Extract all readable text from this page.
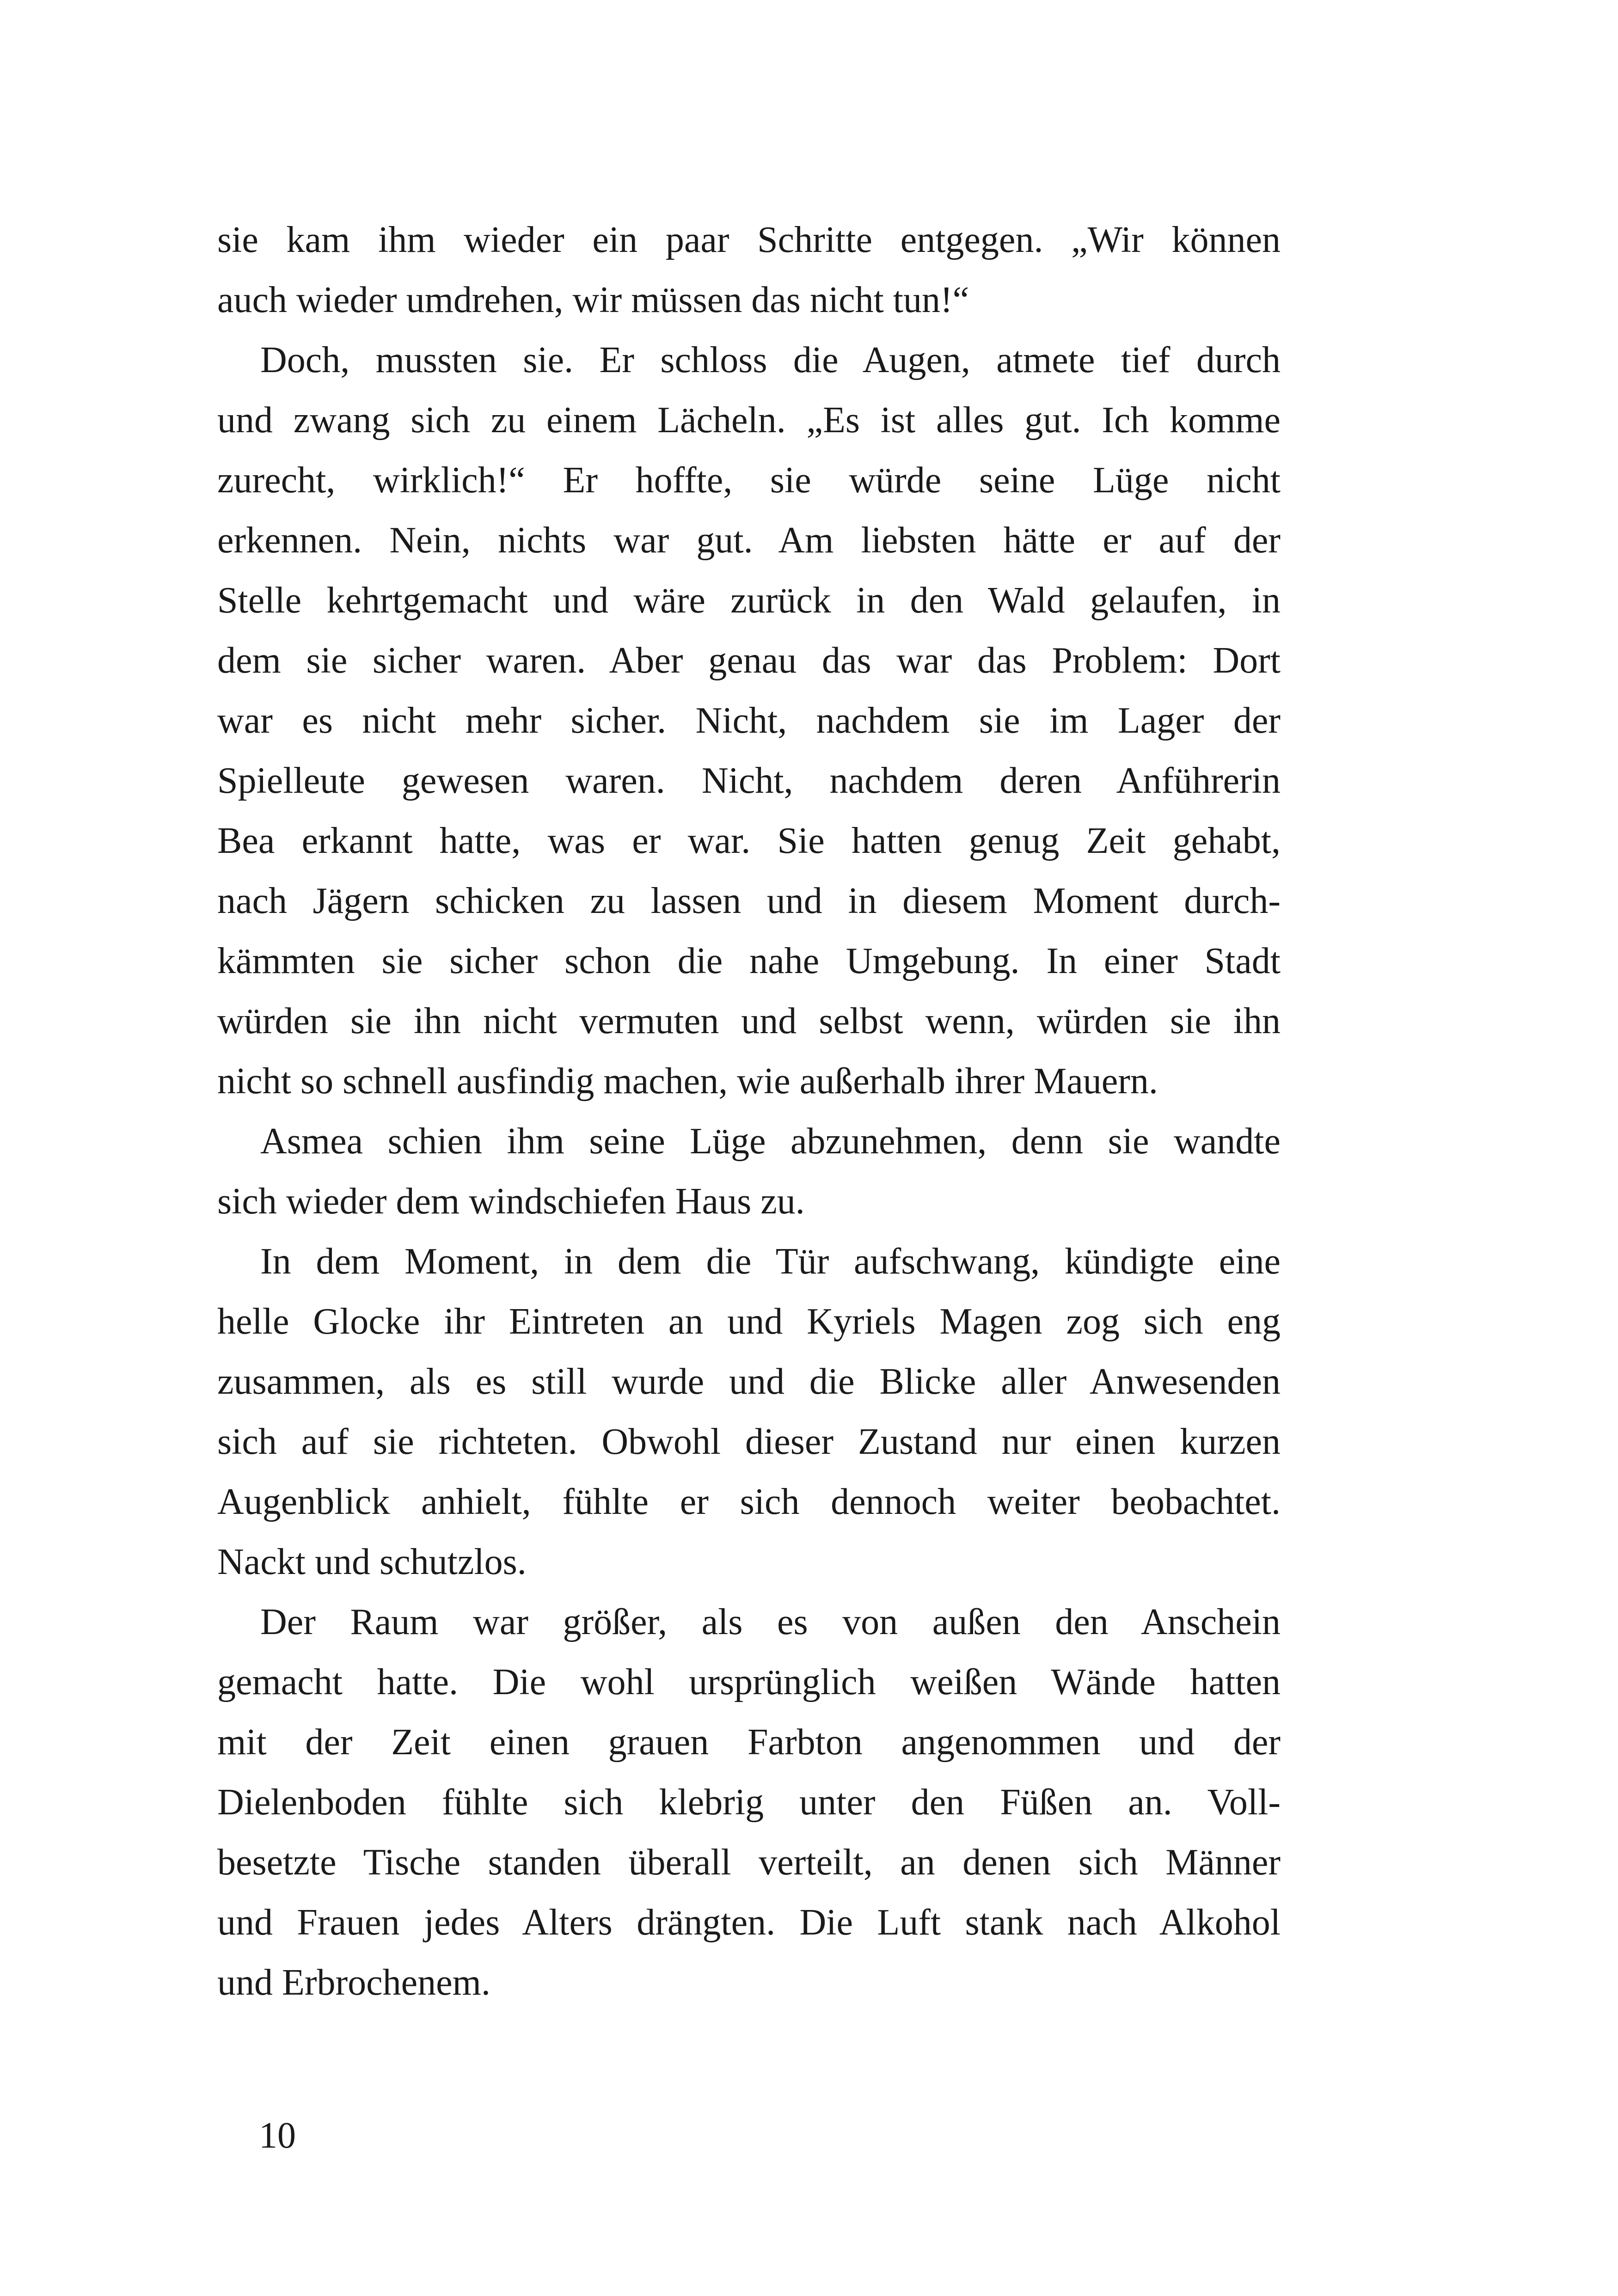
sie kam ihm wieder ein paar Schritte entgegen. „Wir können
auch wieder umdrehen, wir müssen das nicht tun!“
Doch, mussten sie. Er schloss die Augen, atmete tief durch
und zwang sich zu einem Lächeln. „Es ist alles gut. Ich komme
zurecht, wirklich!“ Er hoffte, sie würde seine Lüge nicht
erkennen. Nein, nichts war gut. Am liebsten hätte er auf der
Stelle kehrtgemacht und wäre zurück in den Wald gelaufen, in
dem sie sicher waren. Aber genau das war das Problem: Dort
war es nicht mehr sicher. Nicht, nachdem sie im Lager der
Spielleute gewesen waren. Nicht, nachdem deren Anführerin
Bea erkannt hatte, was er war. Sie hatten genug Zeit gehabt,
nach Jägern schicken zu lassen und in diesem Moment durch-
kämmten sie sicher schon die nahe Umgebung. In einer Stadt
würden sie ihn nicht vermuten und selbst wenn, würden sie ihn
nicht so schnell ausfindig machen, wie außerhalb ihrer Mauern.
Asmea schien ihm seine Lüge abzunehmen, denn sie wandte
sich wieder dem windschiefen Haus zu.
In dem Moment, in dem die Tür aufschwang, kündigte eine
helle Glocke ihr Eintreten an und Kyriels Magen zog sich eng
zusammen, als es still wurde und die Blicke aller Anwesenden
sich auf sie richteten. Obwohl dieser Zustand nur einen kurzen
Augenblick anhielt, fühlte er sich dennoch weiter beobachtet.
Nackt und schutzlos.
Der Raum war größer, als es von außen den Anschein
gemacht hatte. Die wohl ursprünglich weißen Wände hatten
mit der Zeit einen grauen Farbton angenommen und der
Dielenboden fühlte sich klebrig unter den Füßen an. Voll-
besetzte Tische standen überall verteilt, an denen sich Männer
und Frauen jedes Alters drängten. Die Luft stank nach Alkohol
und Erbrochenem.
10
